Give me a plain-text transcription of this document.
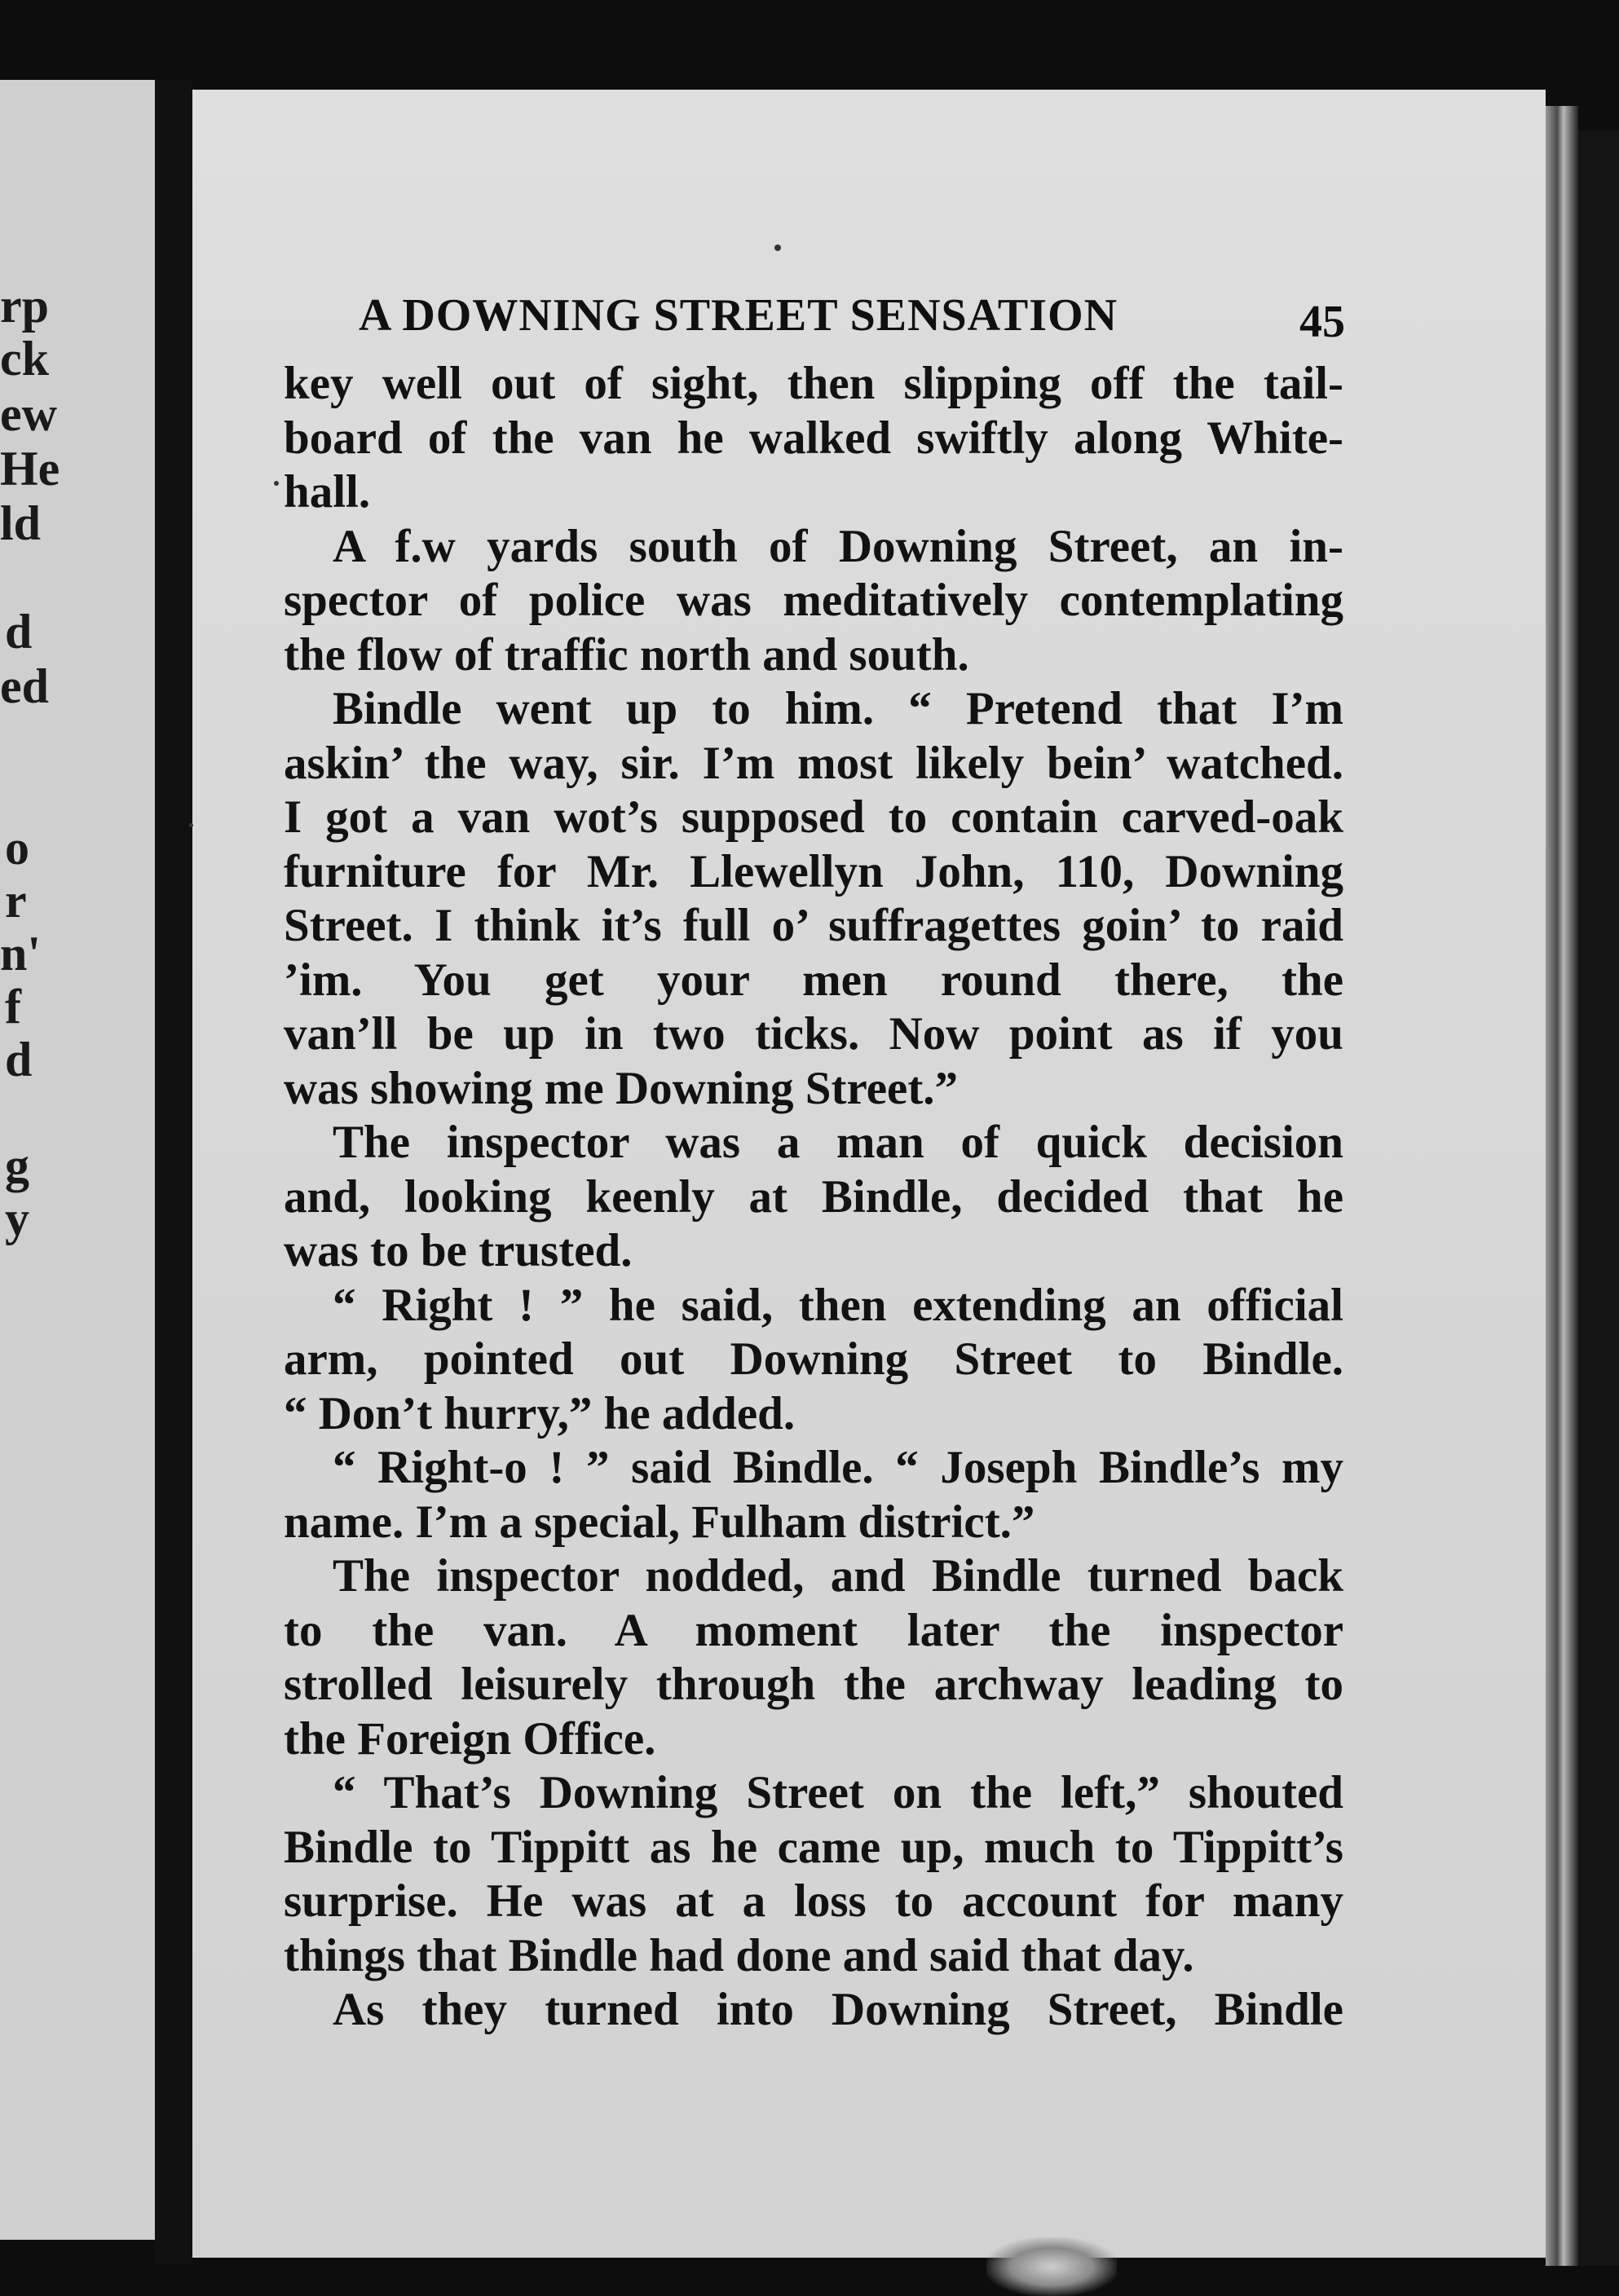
rp
ck
ew
He
ld
d
ed
o
r
n'
f
d
g
y
A DOWNING STREET SENSATION	45

key well out of sight, then slipping off the tail-

board of the van he walked swiftly along White-

hall.

A f.w yards south of Downing Street, an in-

spector of police was meditatively contemplating

the flow of traffic north and south.

Bindle went up to him. “ Pretend that I’m

askin’ the way, sir. I’m most likely bein’ watched.

I got a van wot’s supposed to contain carved-oak

furniture for Mr. Llewellyn John, 110, Downing

Street. I think it’s full o’ suffragettes goin’ to raid

’im. You get your men round there, the

van’ll be up in two ticks. Now point as if you

was showing me Downing Street.”

The inspector was a man of quick decision

and, looking keenly at Bindle, decided that he

was to be trusted.

“ Right ! ” he said, then extending an official

arm, pointed out Downing Street to Bindle.

“ Don’t hurry,” he added.

“ Right-o ! ” said Bindle. “ Joseph Bindle’s my

name. I’m a special, Fulham district.”

The inspector nodded, and Bindle turned back

to the van. A moment later the inspector

strolled leisurely through the archway leading to

the Foreign Office.

“ That’s Downing Street on the left,” shouted

Bindle to Tippitt as he came up, much to Tippitt’s

surprise. He was at a loss to account for many

things that Bindle had done and said that day.

As they turned into Downing Street, Bindle
